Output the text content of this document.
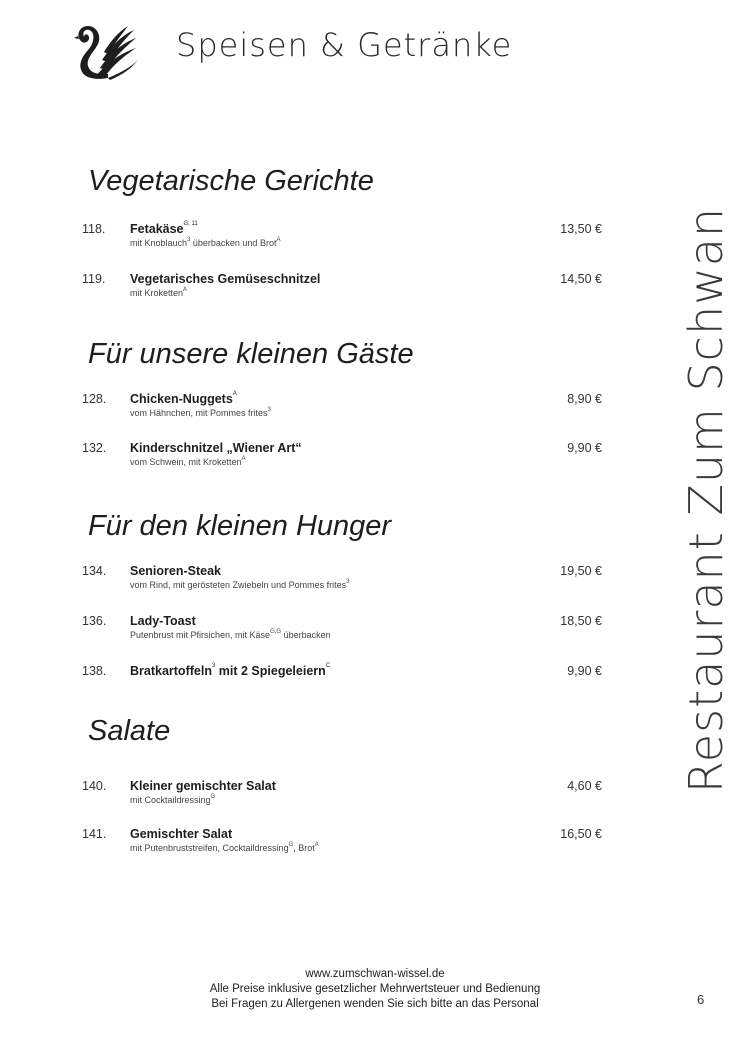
Speisen & Getränke
Restaurant Zum Schwan
Vegetarische Gerichte
118. Fetakäse$^{G, 11}$
mit Knoblauch$^3$ überbacken und Brot$^A$
13,50 €
119. Vegetarisches Gemüseschnitzel
mit Kroketten$^A$
14,50 €
Für unsere kleinen Gäste
128. Chicken-Nuggets$^A$
vom Hähnchen, mit Pommes frites$^3$
8,90 €
132. Kinderschnitzel „Wiener Art“
vom Schwein, mit Kroketten$^A$
9,90 €
Für den kleinen Hunger
134. Senioren-Steak
vom Rind, mit gerösteten Zwiebeln und Pommes frites$^3$
19,50 €
136. Lady-Toast
Putenbrust mit Pfirsichen, mit Käse$^{G,G}$ überbacken
18,50 €
138. Bratkartoffeln$^3$ mit 2 Spiegeleiern$^C$	9,90 €
Salate
140. Kleiner gemischter Salat
mit Cocktaildressing$^G$
4,60 €
141. Gemischter Salat
mit Putenbruststreifen, Cocktaildressing$^G$, Brot$^A$
16,50 €
www.zumschwan-wissel.de
Alle Preise inklusive gesetzlicher Mehrwertsteuer und Bedienung
Bei Fragen zu Allergenen wenden Sie sich bitte an das Personal	6
